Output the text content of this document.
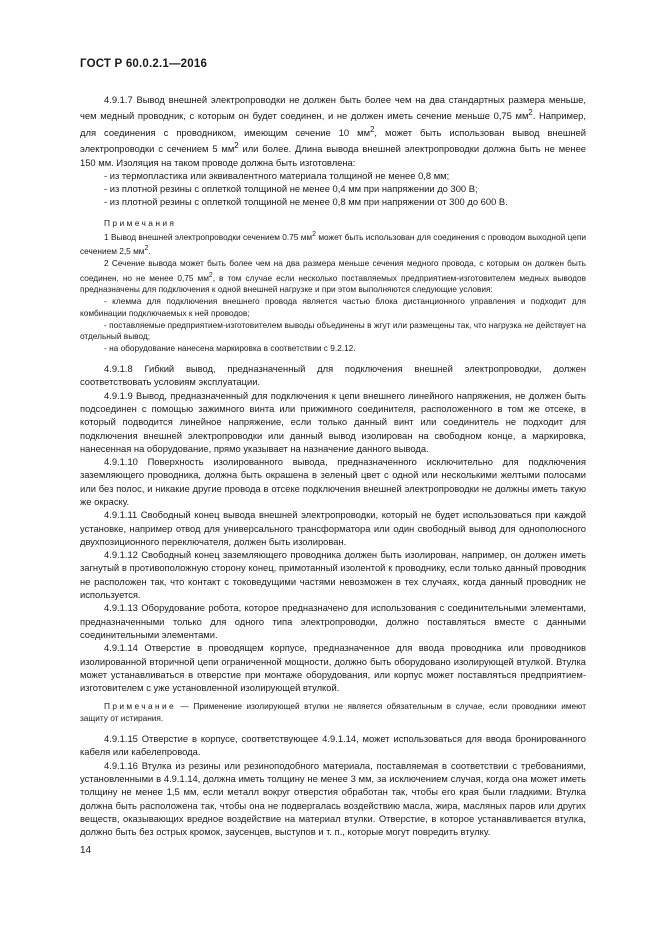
ГОСТ Р 60.0.2.1—2016

4.9.1.7 Вывод внешней электропроводки не должен быть более чем на два стандартных размера меньше, чем медный проводник, с которым он будет соединен, и не должен иметь сечение меньше 0,75 $мм^2$. Например, для соединения с проводником, имеющим сечение 10 $мм^2$, может быть использован вывод внешней электропроводки с сечением 5 $мм^2$ или более. Длина вывода внешней электропроводки должна быть не менее 150 мм. Изоляция на таком проводе должна быть изготовлена:

- из термопластика или эквивалентного материала толщиной не менее 0,8 мм;

- из плотной резины с оплеткой толщиной не менее 0,4 мм при напряжении до 300 В;

- из плотной резины с оплеткой толщиной не менее 0,8 мм при напряжении от 300 до 600 В.

Примечания

1 Вывод внешней электропроводки сечением 0.75 $мм^2$ может быть использован для соединения с проводом выходной цепи сечением 2,5 $мм^2$.

2 Сечение вывода может быть более чем на два размера меньше сечения медного провода, с которым он должен быть соединен, но не менее 0,75 $мм^2$, в том случае если несколько поставляемых предприятием-изготовителем медных выводов предназначены для подключения к одной внешней нагрузке и при этом выполняются следующие условия:

- клемма для подключения внешнего провода является частью блока дистанционного управления и подходит для комбинации подключаемых к ней проводов;

- поставляемые предприятием-изготовителем выводы объединены в жгут или размещены так, что нагрузка не действует на отдельный вывод;

- на оборудование нанесена маркировка в соответствии с 9.2.12.

4.9.1.8 Гибкий вывод, предназначенный для подключения внешней электропроводки, должен соответствовать условиям эксплуатации.

4.9.1.9 Вывод, предназначенный для подключения к цепи внешнего линейного напряжения, не должен быть подсоединен с помощью зажимного винта или прижимного соединителя, расположенного в том же отсеке, в который подводится линейное напряжение, если только данный винт или соединитель не подходит для подключения внешней электропроводки или данный вывод изолирован на свободном конце, а маркировка, нанесенная на оборудование, прямо указывает на назначение данного вывода.

4.9.1.10 Поверхность изолированного вывода, предназначенного исключительно для подключения заземляющего проводника, должна быть окрашена в зеленый цвет с одной или несколькими желтыми полосами или без полос, и никакие другие провода в отсеке подключения внешней электропроводки не должны иметь такую же окраску.

4.9.1.11 Свободный конец вывода внешней электропроводки, который не будет использоваться при каждой установке, например отвод для универсального трансформатора или один свободный вывод для однополюсного двухпозиционного переключателя, должен быть изолирован.

4.9.1.12 Свободный конец заземляющего проводника должен быть изолирован, например, он должен иметь загнутый в противоположную сторону конец, примотанный изолентой к проводнику, если только данный проводник не расположен так, что контакт с токоведущими частями невозможен в тех случаях, когда данный проводник не используется.

4.9.1.13 Оборудование робота, которое предназначено для использования с соединительными элементами, предназначенными только для одного типа электропроводки, должно поставляться вместе с данными соединительными элементами.

4.9.1.14 Отверстие в проводящем корпусе, предназначенное для ввода проводника или проводников изолированной вторичной цепи ограниченной мощности, должно быть оборудовано изолирующей втулкой. Втулка может устанавливаться в отверстие при монтаже оборудования, или корпус может поставляться предприятием-изготовителем с уже установленной изолирующей втулкой.

Примечание — Применение изолирующей втулки не является обязательным в случае, если проводники имеют защиту от истирания.

4.9.1.15 Отверстие в корпусе, соответствующее 4.9.1.14, может использоваться для ввода бронированного кабеля или кабелепровода.

4.9.1.16 Втулка из резины или резиноподобного материала, поставляемая в соответствии с требованиями, установленными в 4.9.1.14, должна иметь толщину не менее 3 мм, за исключением случая, когда она может иметь толщину не менее 1,5 мм, если металл вокруг отверстия обработан так, чтобы его края были гладкими. Втулка должна быть расположена так, чтобы она не подвергалась воздействию масла, жира, масляных паров или других веществ, оказывающих вредное воздействие на материал втулки. Отверстие, в которое устанавливается втулка, должно быть без острых кромок, заусенцев, выступов и т. п., которые могут повредить втулку.

14
